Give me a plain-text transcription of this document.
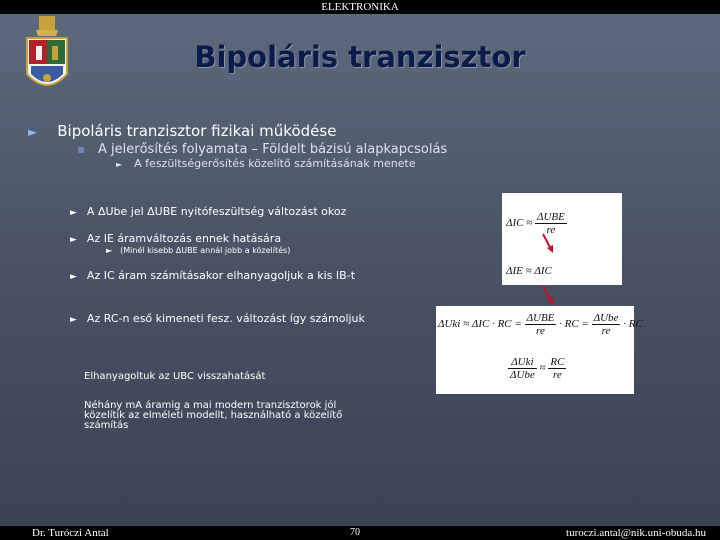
ELEKTRONIKA
Bipoláris tranzisztor
► Bipoláris tranzisztor fizikai működése
A jelerősítés folyamata – Földelt bázisú alapkapcsolás
► A feszültségerősítés közelítő számításának menete
► A ΔUbe jel ΔUBE nyitófeszültség változást okoz
► Az IE áramváltozás ennek hatására
► (Minél kisebb ΔUBE annál jobb a közelítés)
► Az IC áram számításakor elhanyagoljuk a kis IB-t
► Az RC-n eső kimeneti fesz. változást így számoljuk
Elhanyagoltuk az UBC visszahatását
Néhány mA áramig a mai modern tranzisztorok jól
közelítik az elméleti modellt, használható a közelítő
számítás
$\Delta IC \approx \frac{\text{ΔUBE}}{re}$
ΔIE ≈ ΔIC
ΔUki ≈ ΔIC · RC = $\frac{\text{ΔUBE}}{re}$ · RC = $\frac{\text{ΔUbe}}{re}$ · RC
$\frac{\text{ΔUki}}{\text{ΔUbe}} \approx \frac{RC}{re}$
Dr. Turóczi Antal	70	turoczi.antal@nik.uni-obuda.hu
